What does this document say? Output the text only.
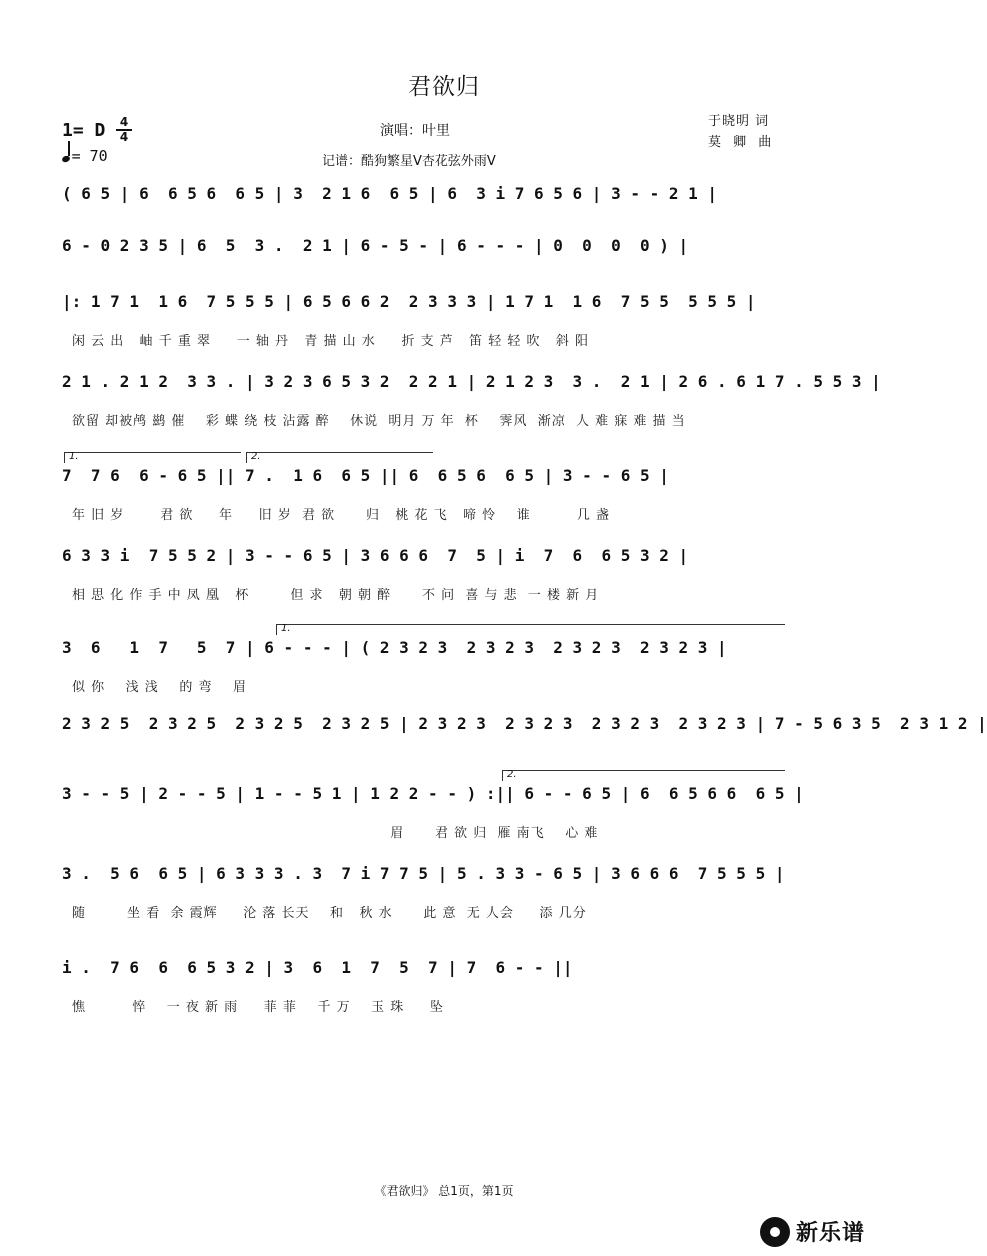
君欲归
1= D	4
4
= 70
演唱：叶里
记谱：酷狗繁星V杏花弦外雨V
于晓明 词
莫 卿 曲
( 6 5 | 6  6 5 6  6 5 | 3  2 1 6  6 5 | 6  3 i 7 6 5 6 | 3 - - 2 1 |
6 - 0 2 3 5 | 6  5  3 .  2 1 | 6 - 5 - | 6 - - - | 0  0  0  0 ) |
|: 1 7 1  1 6  7 5 5 5 | 6 5 6 6 2  2 3 3 3 | 1 7 1  1 6  7 5 5  5 5 5 |
闲 云 出   岫 千 重 翠     一 轴 丹   青 描 山 水     折 支 芦   笛 轻 轻 吹   斜 阳
2 1 . 2 1 2  3 3 . | 3 2 3 6 5 3 2  2 2 1 | 2 1 2 3  3 .  2 1 | 2 6 . 6 1 7 . 5 5 3 |
欲留 却被鸬 鹚 催    彩 蝶 绕 枝 沾露 醉    休说  明月 万 年  杯    霁风  渐凉  人 难 寐 难 描 当
1.	2.
7  7 6  6 - 6 5 || 7 .  1 6  6 5 || 6  6 5 6  6 5 | 3 - - 6 5 |
年 旧 岁       君 欲     年     旧 岁  君 欲      归   桃 花 飞   啼 怜    谁         几 盏
6 3 3 i  7 5 5 2 | 3 - - 6 5 | 3 6 6 6  7  5 | i  7  6  6 5 3 2 |
相 思 化 作 手 中 凤 凰   杯        但 求   朝 朝 醉      不 问  喜 与 悲  一 楼 新 月
1.
3  6   1  7   5  7 | 6 - - - | ( 2 3 2 3  2 3 2 3  2 3 2 3  2 3 2 3 |
似 你    浅 浅    的 弯    眉
2 3 2 5  2 3 2 5  2 3 2 5  2 3 2 5 | 2 3 2 3  2 3 2 3  2 3 2 3  2 3 2 3 | 7 - 5 6 3 5  2 3 1 2 |
2.
3 - - 5 | 2 - - 5 | 1 - - 5 1 | 1 2 2 - - ) :|| 6 - - 6 5 | 6  6 5 6 6  6 5 |
眉      君 欲 归  雁 南飞    心 难
3 .  5 6  6 5 | 6 3 3 3 . 3  7 i 7 7 5 | 5 . 3 3 - 6 5 | 3 6 6 6  7 5 5 5 |
随        坐 看  余 霞辉     沦 落 长天    和   秋 水      此 意  无 人会     添 几分
i .  7 6  6  6 5 3 2 | 3  6  1  7  5  7 | 7  6 - - ||
憔         悴    一 夜 新 雨     菲 菲    千 万    玉 珠     坠
《君欲归》 总1页，第1页
新乐谱
